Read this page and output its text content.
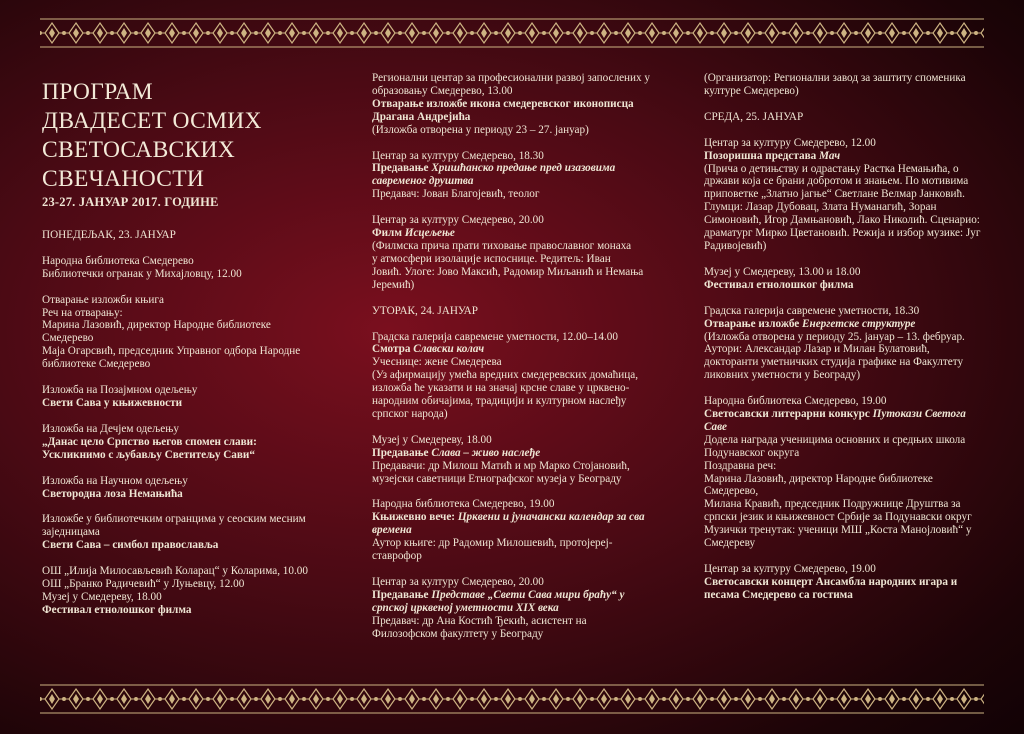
ПРОГРАМ
ДВАДЕСЕТ ОСМИХ
СВЕТОСАВСКИХ
СВЕЧАНОСТИ
23-27. ЈАНУАР 2017. ГОДИНЕ
ПОНЕДЕЉАК, 23. ЈАНУАР

Народна библиотека Смедерево

Библиотечки огранак у Михајловцу, 12.00

Отварање изложби књига

Реч на отварању:

Марина Лазовић, директор Народне библиотеке

Смедерево

Маја Огарсвић, председник Управног одбора Народне

библиотеке Смедерево

Изложба на Позајмном одељењу

Свети Сава у књижевности

Изложба на Дечјем одељењу

„Данас цело Српство његов спомен слави:

Ускликнимо с љубављу Светитељу Сави“

Изложба на Научном одељењу

Светородна лоза Немањића

Изложбе у библиотечким огранцима у сеоским месним

заједницама

Свети Сава – симбол православља

ОШ „Илија Милосављевић Коларац“ у Коларима, 10.00

ОШ „Бранко Радичевић“ у Луњевцу, 12.00

Музеј у Смедереву, 18.00

Фестивал етнолошког филма

Регионални центар за професионални развој запослених у

образовању Смедерево, 13.00

Отварање изложбе икона смедеревског иконописца

Драгана Андрејића

(Изложба отворена у периоду 23 – 27. јануар)

Центар за културу Смедерево, 18.30

Предавање Хришћанско предање пред изазовима

савременог друштва

Предавач: Јован Благојевић, теолог

Центар за културу Смедерево, 20.00

Филм Исцељење

(Филмска прича прати тиховање православног монаха

у атмосфери изолације испоснице. Редитељ: Иван

Јовић. Улоге: Јово Максић, Радомир Миљанић и Немања

Јеремић)

УТОРАК, 24. ЈАНУАР

Градска галерија савремене уметности, 12.00–14.00

Смотра Славски колач

Учеснице: жене Смедерева

(Уз афирмацију умећа вредних смедеревских домаћица,

изложба ће указати и на значај крсне славе у црквено-

народним обичајима, традицији и културном наслеђу

српског народа)

Музеј у Смедереву, 18.00

Предавање Слава – живо наслеђе

Предавачи: др Милош Матић и мр Марко Стојановић,

музејски саветници Етнографског музеја у Београду

Народна библиотека Смедерево, 19.00

Књижевно вече: Црквени и јуначански календар за сва

времена

Аутор књиге: др Радомир Милошевић, протојереј-

ставрофор

Центар за културу Смедерево, 20.00

Предавање Представе „Свети Сава мири браћу“ у

српској црквеној уметности XIX века

Предавач: др Ана Костић Ђекић, асистент на

Филозофском факултету у Београду

(Организатор: Регионални завод за заштиту споменика

културе Смедерево)

СРЕДА, 25. ЈАНУАР

Центар за културу Смедерево, 12.00

Позоришна представа Мач

(Прича о детињству и одрастању Растка Немањића, о

држави која се брани добротом и знањем. По мотивима

приповетке „Златно јагње“ Светлане Велмар Јанковић.

Глумци: Лазар Дубовац, Злата Нуманагић, Зоран

Симоновић, Игор Дамњановић, Лако Николић. Сценарио:

драматург Мирко Цветановић. Режија и избор музике: Југ

Радивојевић)

Музеј у Смедереву, 13.00 и 18.00

Фестивал етнолошког филма

Градска галерија савремене уметности, 18.30

Отварање изложбе Енергетске структуре

(Изложба отворена у периоду 25. јануар – 13. фебруар.

Аутори: Александар Лазар и Милан Булатовић,

докторанти уметничких студија графике на Факултету

ликовних уметности у Београду)

Народна библиотека Смедерево, 19.00

Светосавски литерарни конкурс Путокази Светога

Саве

Додела награда ученицима основних и средњих школа

Подунавског округа

Поздравна реч:

Марина Лазовић, директор Народне библиотеке

Смедерево,

Милана Кравић, председник Подружнице Друштва за

српски језик и књижевност Србије за Подунавски округ

Музички тренутак: ученици МШ „Коста Манојловић“ у

Смедереву

Центар за културу Смедерево, 19.00

Светосавски концерт Ансамбла народних игара и

песама Смедерево са гостима
